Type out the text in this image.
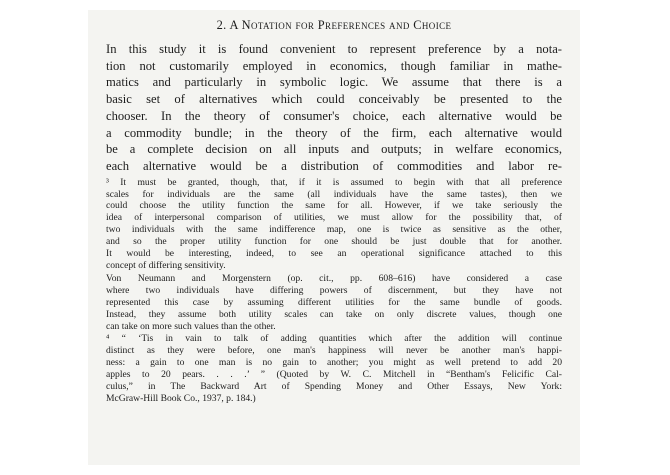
2. A Notation for Preferences and Choice

In this study it is found convenient to represent preference by a nota-

tion not customarily employed in economics, though familiar in mathe-

matics and particularly in symbolic logic. We assume that there is a

basic set of alternatives which could conceivably be presented to the

chooser. In the theory of consumer's choice, each alternative would be

a commodity bundle; in the theory of the firm, each alternative would

be a complete decision on all inputs and outputs; in welfare economics,

each alternative would be a distribution of commodities and labor re-

³ It must be granted, though, that, if it is assumed to begin with that all preference

scales for individuals are the same (all individuals have the same tastes), then we

could choose the utility function the same for all. However, if we take seriously the

idea of interpersonal comparison of utilities, we must allow for the possibility that, of

two individuals with the same indifference map, one is twice as sensitive as the other,

and so the proper utility function for one should be just double that for another.

It would be interesting, indeed, to see an operational significance attached to this

concept of differing sensitivity.

Von Neumann and Morgenstern (op. cit., pp. 608–616) have considered a case

where two individuals have differing powers of discernment, but they have not

represented this case by assuming different utilities for the same bundle of goods.

Instead, they assume both utility scales can take on only discrete values, though one

can take on more such values than the other.

⁴ “ ‘Tis in vain to talk of adding quantities which after the addition will continue

distinct as they were before, one man's happiness will never be another man's happi-

ness: a gain to one man is no gain to another; you might as well pretend to add 20

apples to 20 pears. . . .’ ” (Quoted by W. C. Mitchell in “Bentham's Felicific Cal-

culus,” in The Backward Art of Spending Money and Other Essays, New York:

McGraw-Hill Book Co., 1937, p. 184.)
